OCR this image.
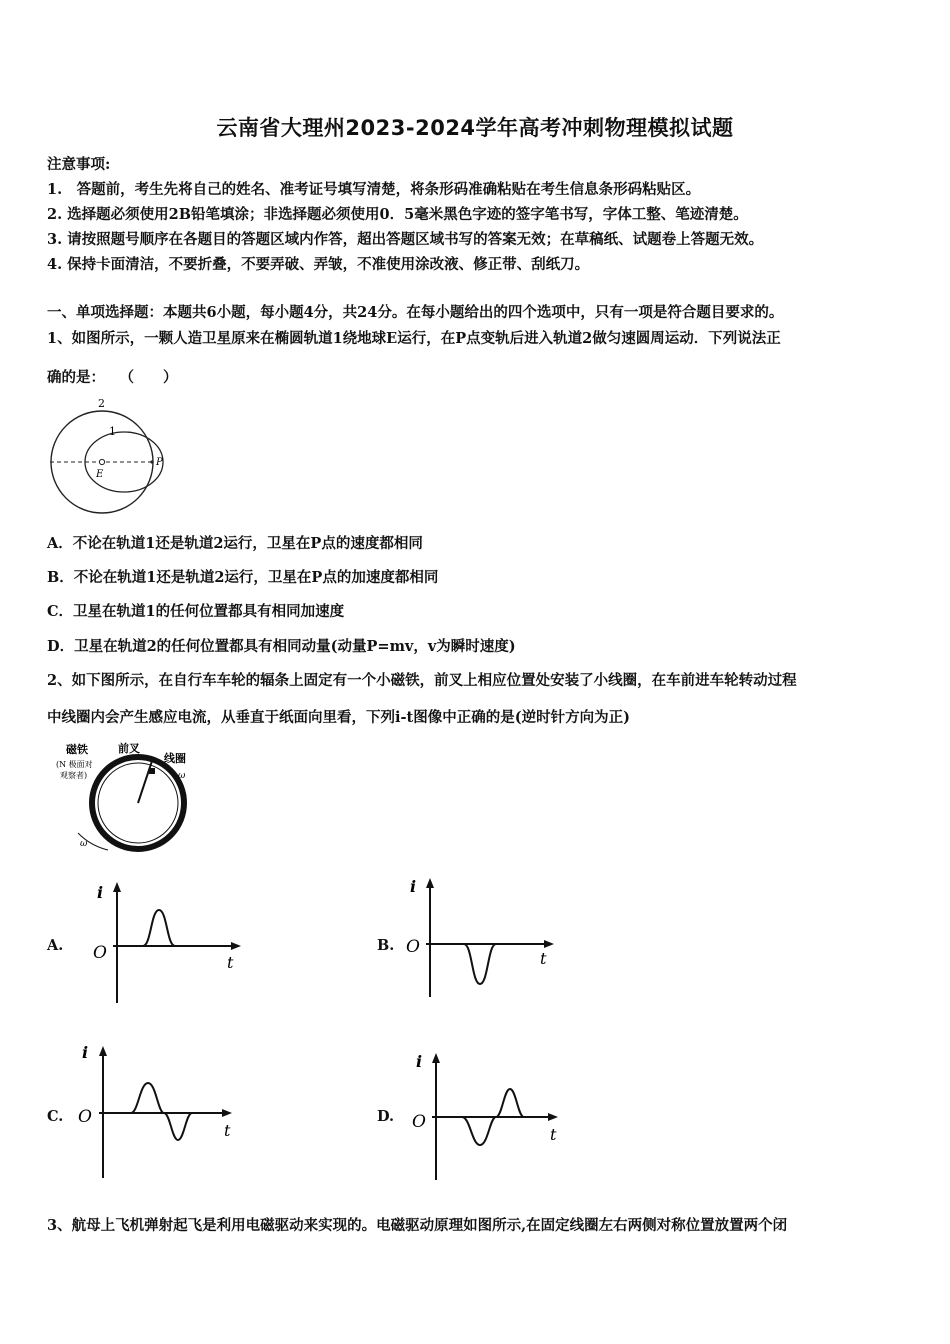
云南省大理州2023-2024学年高考冲刺物理模拟试题
注意事项:
1.　答题前，考生先将自己的姓名、准考证号填写清楚，将条形码准确粘贴在考生信息条形码粘贴区。
2. 选择题必须使用2B铅笔填涂；非选择题必须使用0．5毫米黑色字迹的签字笔书写，字体工整、笔迹清楚。
3. 请按照题号顺序在各题目的答题区域内作答，超出答题区域书写的答案无效；在草稿纸、试题卷上答题无效。
4. 保持卡面清洁，不要折叠，不要弄破、弄皱，不准使用涂改液、修正带、刮纸刀。
一、单项选择题：本题共6小题，每小题4分，共24分。在每小题给出的四个选项中，只有一项是符合题目要求的。
1、如图所示，一颗人造卫星原来在椭圆轨道1绕地球E运行，在P点变轨后进入轨道2做匀速圆周运动．下列说法正
确的是：　　（　　）
2
1
E
P
A．不论在轨道1还是轨道2运行，卫星在P点的速度都相同
B．不论在轨道1还是轨道2运行，卫星在P点的加速度都相同
C．卫星在轨道1的任何位置都具有相同加速度
D．卫星在轨道2的任何位置都具有相同动量(动量P=mv，v为瞬时速度)
2、如下图所示，在自行车车轮的辐条上固定有一个小磁铁，前叉上相应位置处安装了小线圈，在车前进车轮转动过程
中线圈内会产生感应电流，从垂直于纸面向里看，下列i-t图像中正确的是(逆时针方向为正)
磁铁
(N 极面对
观察者)
前叉
线圈
ω
ω
A.
i
O	t
B.
i
O
t
C.
i
O
t
D.
i
O
t
3、航母上飞机弹射起飞是利用电磁驱动来实现的。电磁驱动原理如图所示,在固定线圈左右两侧对称位置放置两个闭
